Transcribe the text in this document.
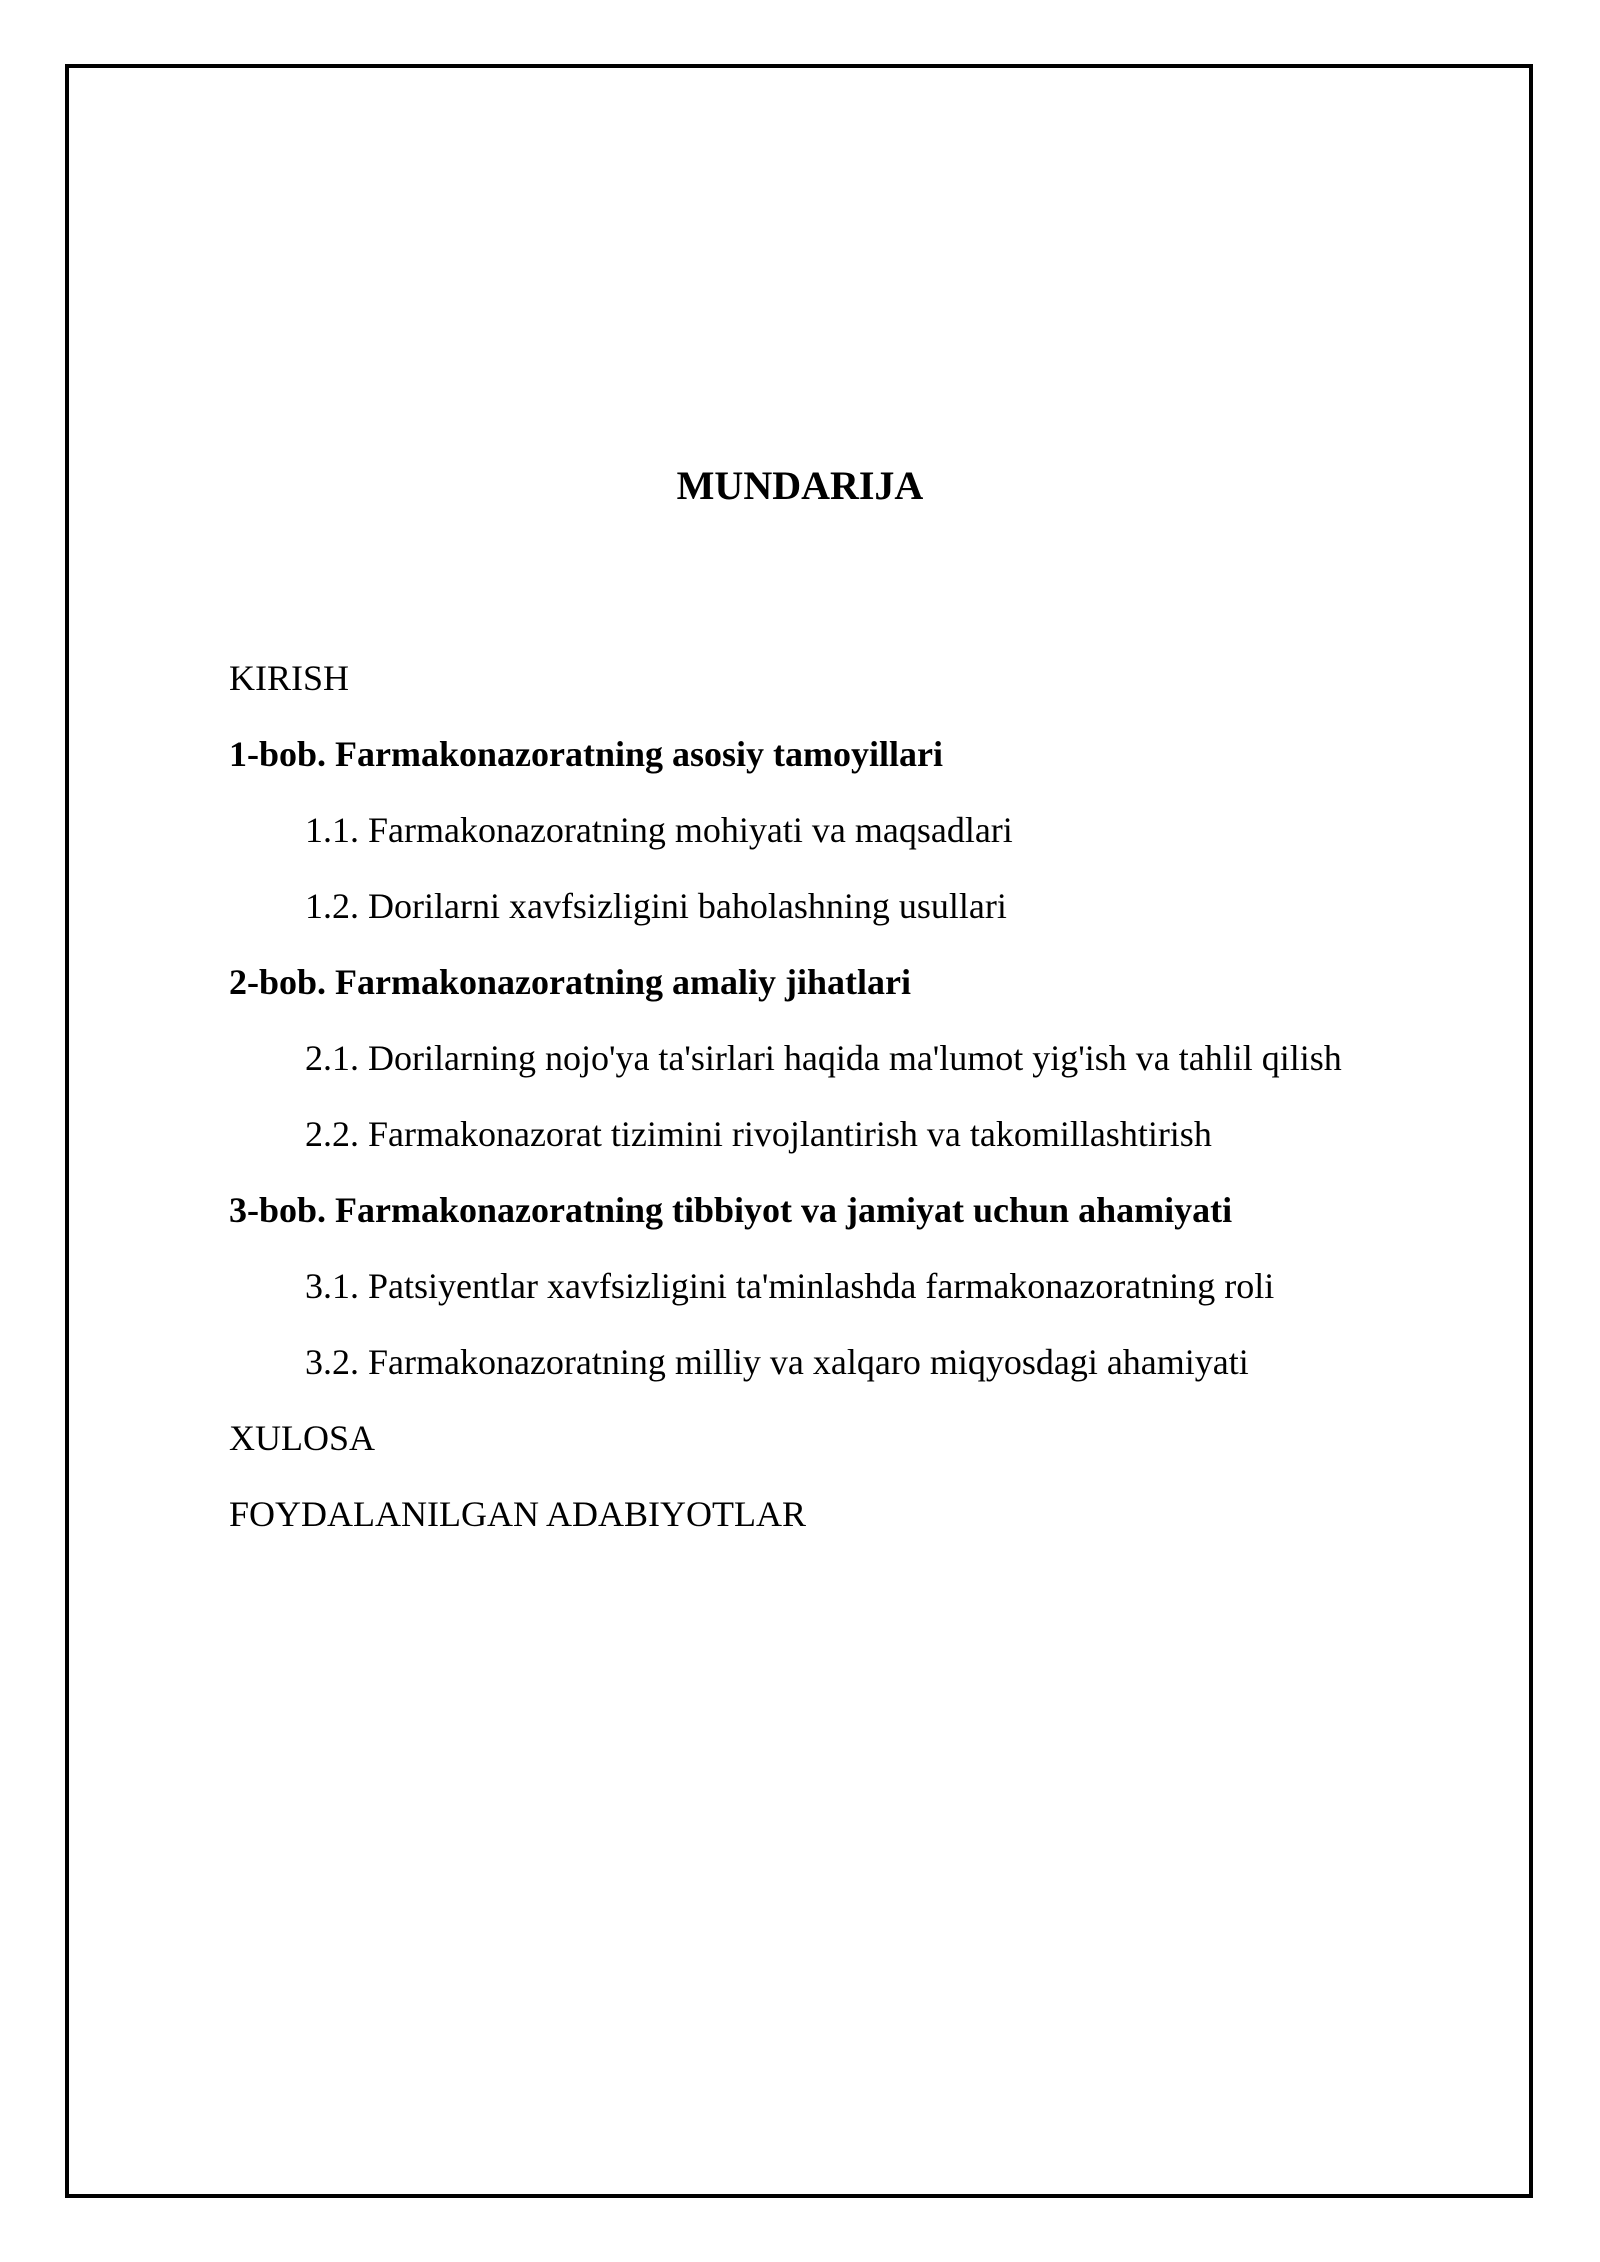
MUNDARIJA
KIRISH
1-bob. Farmakonazoratning asosiy tamoyillari
1.1. Farmakonazoratning mohiyati va maqsadlari
1.2. Dorilarni xavfsizligini baholashning usullari
2-bob. Farmakonazoratning amaliy jihatlari
2.1. Dorilarning nojo'ya ta'sirlari haqida ma'lumot yig'ish va tahlil qilish
2.2. Farmakonazorat tizimini rivojlantirish va takomillashtirish
3-bob. Farmakonazoratning tibbiyot va jamiyat uchun ahamiyati
3.1. Patsiyentlar xavfsizligini ta'minlashda farmakonazoratning roli
3.2. Farmakonazoratning milliy va xalqaro miqyosdagi ahamiyati
XULOSA
FOYDALANILGAN ADABIYOTLAR
